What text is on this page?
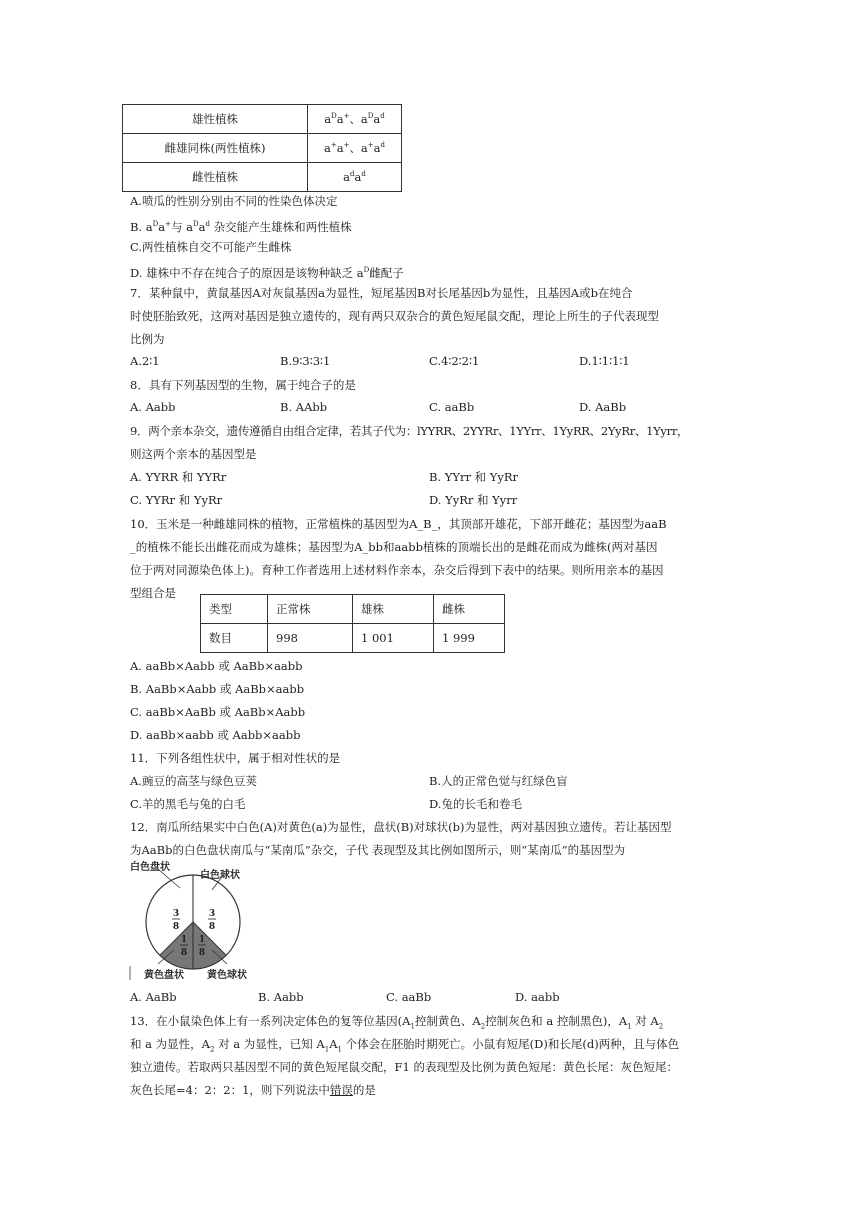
雄性植株	$a^Da^+$、$a^Da^d$
雌雄同株(两性植株)	a+a+、$a^+a^d$
雌性植株	$a^da^d$
A.喷瓜的性别分别由不同的性染色体决定
B. $a^Da^+$与 $a^Da^d$ 杂交能产生雄株和两性植株
C.两性植株自交不可能产生雌株
D. 雄株中不存在纯合子的原因是该物种缺乏 $a^D$雌配子
7．某种鼠中，黄鼠基因A对灰鼠基因a为显性，短尾基因B对长尾基因b为显性，且基因A或b在纯合
时使胚胎致死，这两对基因是独立遗传的，现有两只双杂合的黄色短尾鼠交配，理论上所生的子代表现型
比例为
A.2∶1	B.9∶3∶3∶1	C.4∶2∶2∶1	D.1∶1∶1∶1
8．具有下列基因型的生物，属于纯合子的是
A. Aabb	B. AAbb	C. aaBb	D. AaBb
9．两个亲本杂交，遗传遵循自由组合定律，若其子代为：lYYRR、2YYRr、1YYrr、1YyRR、2YyRr、1Yyrr，
则这两个亲本的基因型是
A. YYRR 和 YYRr	B. YYrr 和 YyRr
C. YYRr 和 YyRr	D. YyRr 和 Yyrr
10．玉米是一种雌雄同株的植物，正常植株的基因型为A_B_，其顶部开雄花，下部开雌花；基因型为aaB
_的植株不能长出雌花而成为雄株；基因型为A_bb和aabb植株的顶端长出的是雌花而成为雌株(两对基因
位于两对同源染色体上)。育种工作者选用上述材料作亲本，杂交后得到下表中的结果。则所用亲本的基因
型组合是
类型	正常株	雄株	雌株
数目	998	1 001	1 999
A. aaBb×Aabb 或 AaBb×aabb
B. AaBb×Aabb 或 AaBb×aabb
C. aaBb×AaBb 或 AaBb×Aabb
D. aaBb×aabb 或 Aabb×aabb
11．下列各组性状中，属于相对性状的是
A.豌豆的高茎与绿色豆荚	B.人的正常色觉与红绿色盲
C.羊的黑毛与兔的白毛	D.兔的长毛和卷毛
12．南瓜所结果实中白色(A)对黄色(a)为显性，盘状(B)对球状(b)为显性，两对基因独立遗传。若让基因型
为AaBb的白色盘状南瓜与“某南瓜”杂交，子代 表现型及其比例如图所示，则“某南瓜”的基因型为
3
8
3
8
1
8
1
8
白色盘状
白色球状
黄色盘状 黄色球状
A. AaBb	B. Aabb	C. aaBb	D. aabb
13．在小鼠染色体上有一系列决定体色的复等位基因($A_1$控制黄色、$A_2$控制灰色和 a 控制黑色)，$A_1$ 对 $A_2$
和 a 为显性，$A_2$ 对 a 为显性，已知 $A_1A_1$ 个体会在胚胎时期死亡。小鼠有短尾(D)和长尾(d)两种，且与体色
独立遗传。若取两只基因型不同的黄色短尾鼠交配，F1 的表现型及比例为黄色短尾：黄色长尾：灰色短尾：
灰色长尾=4：2：2：1，则下列说法中错误的是
